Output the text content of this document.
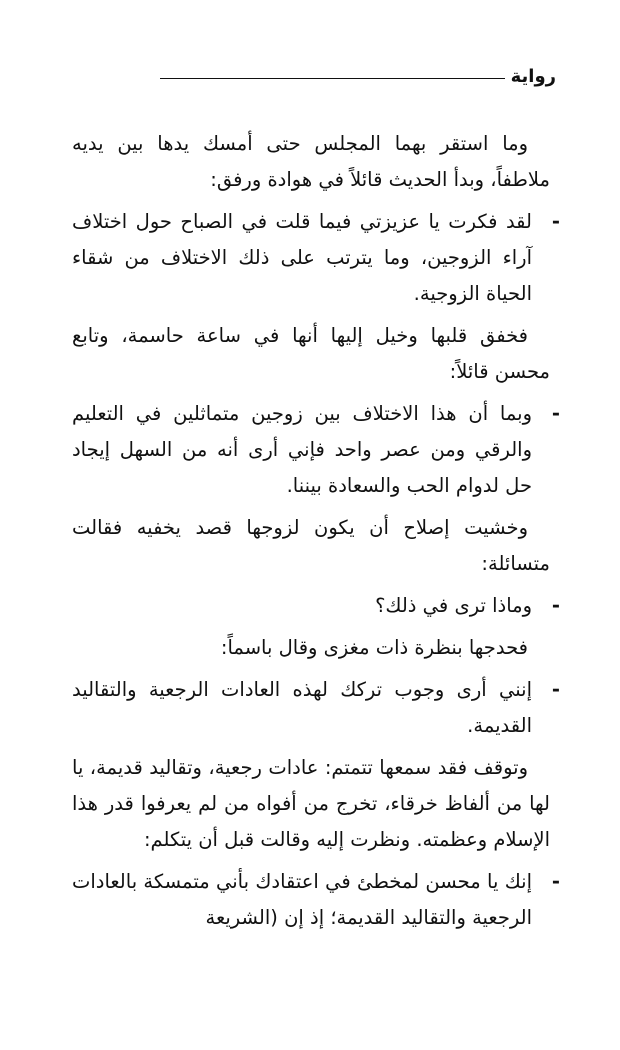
رواية

وما استقر بهما المجلس حتى أمسك يدها بين يديه ملاطفاً، وبدأ الحديث قائلاً في هوادة ورفق:

-
لقد فكرت يا عزيزتي فيما قلت في الصباح حول اختلاف آراء الزوجين، وما يترتب على ذلك الاختلاف من شقاء الحياة الزوجية.

فخفق قلبها وخيل إليها أنها في ساعة حاسمة، وتابع محسن قائلاً:

-
وبما أن هذا الاختلاف بين زوجين متماثلين في التعليم والرقي ومن عصر واحد فإني أرى أنه من السهل إيجاد حل لدوام الحب والسعادة بيننا.

وخشيت إصلاح أن يكون لزوجها قصد يخفيه فقالت متسائلة:

-
وماذا ترى في ذلك؟

فحدجها بنظرة ذات مغزى وقال باسماً:

-
إنني أرى وجوب تركك لهذه العادات الرجعية والتقاليد القديمة.

وتوقف فقد سمعها تتمتم: عادات رجعية، وتقاليد قديمة، يا لها من ألفاظ خرقاء، تخرج من أفواه من لم يعرفوا قدر هذا الإسلام وعظمته. ونظرت إليه وقالت قبل أن يتكلم:

-
إنك يا محسن لمخطئ في اعتقادك بأني متمسكة بالعادات الرجعية والتقاليد القديمة؛ إذ إن (الشريعة
